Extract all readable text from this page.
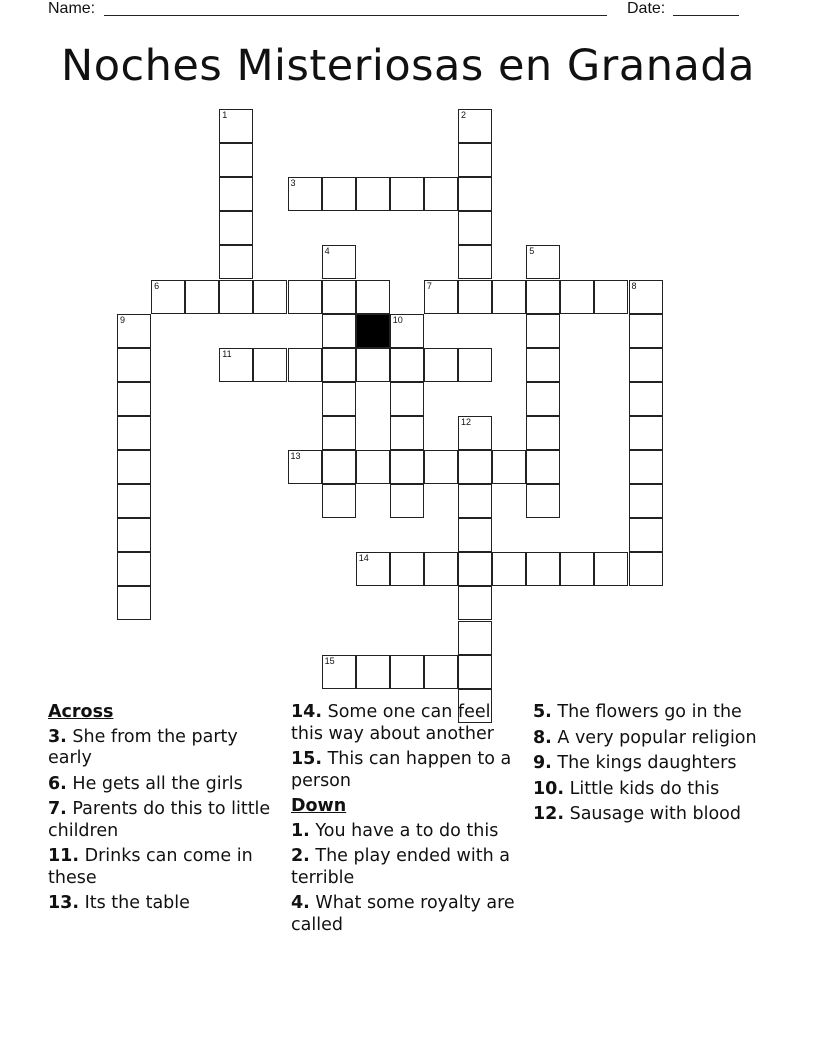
Name:	Date:
Noches Misteriosas en Granada
1	2
3
4	5
6	7	8
9	10
11
12
13
14
15
Across
3. She from the party early
6. He gets all the girls
7. Parents do this to little children
11. Drinks can come in these
13. Its the table
14. Some one can feel this way about another
15. This can happen to a person
Down
1. You have a to do this
2. The play ended with a terrible
4. What some royalty are called
5. The flowers go in the
8. A very popular religion
9. The kings daughters
10. Little kids do this
12. Sausage with blood
